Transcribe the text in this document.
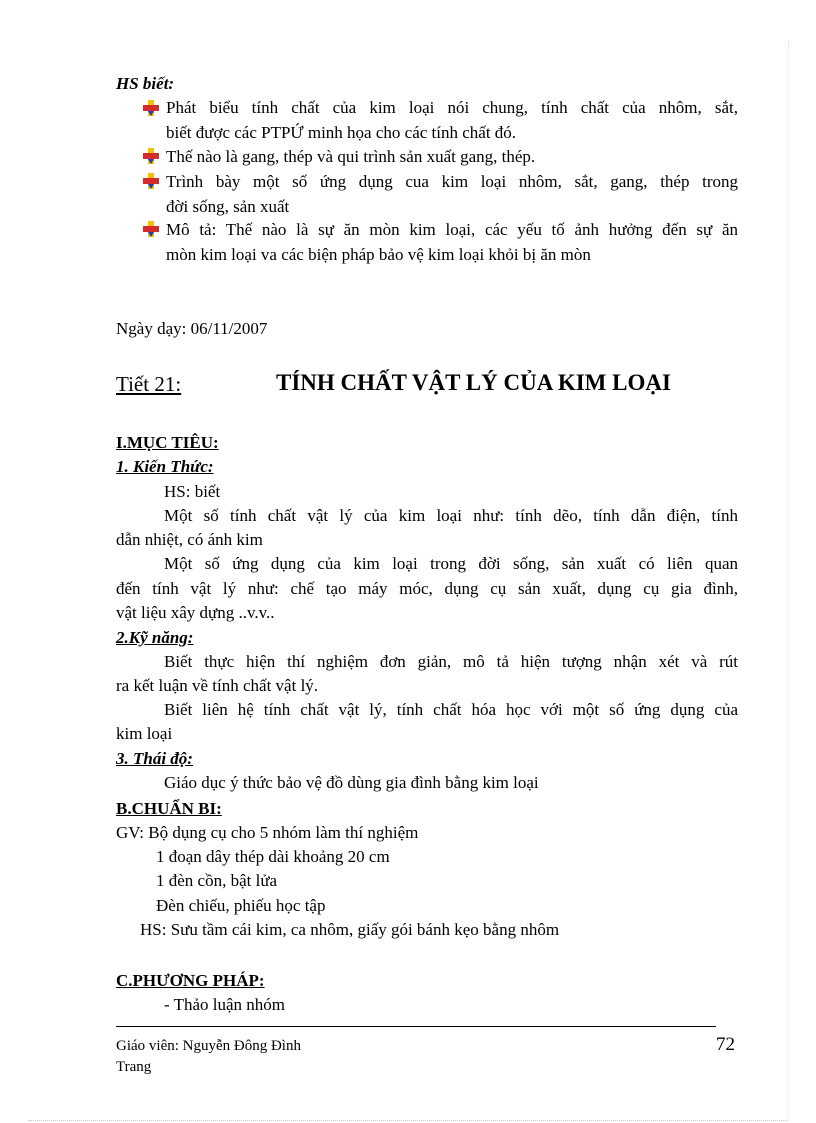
HS biết:
Phát biểu tính chất của kim loại nói chung, tính chất của nhôm, sắt,
biết được các PTPỨ minh họa cho các tính chất đó.
Thế nào là gang, thép và qui trình sản xuất gang, thép.
Trình bày một số ứng dụng cua kim loại nhôm, sắt, gang, thép trong
đời sống, sản xuất
Mô tả: Thế nào là sự ăn mòn kim loại, các yếu tố ảnh hưởng đến sự ăn
mòn kim loại va các biện pháp bảo vệ kim loại khỏi bị ăn mòn
Ngày dạy: 06/11/2007
Tiết 21:	TÍNH CHẤT VẬT LÝ CỦA KIM LOẠI
I.MỤC TIÊU:
1. Kiến Thức:
HS: biết
Một số tính chất vật lý của kim loại như: tính dẽo, tính dẫn điện, tính
dẫn nhiệt, có ánh kim
Một số ứng dụng của kim loại trong đời sống, sản xuất có liên quan
đến tính vật lý như: chế tạo máy móc, dụng cụ sản xuất, dụng cụ gia đình,
vật liệu xây dựng ..v.v..
2.Kỹ năng:
Biết thực hiện thí nghiệm đơn giản, mô tả hiện tượng nhận xét và rút
ra kết luận về tính chất vật lý.
Biết liên hệ tính chất vật lý, tính chất hóa học với một số ứng dụng của
kim loại
3. Thái độ:
Giáo dục ý thức bảo vệ đồ dùng gia đình bằng kim loại
B.CHUẨN BI:
GV: Bộ dụng cụ cho 5 nhóm làm thí nghiệm
1 đoạn dây thép dài khoảng 20 cm
1 đèn cồn, bật lửa
Đèn chiếu, phiếu học tập
HS: Sưu tầm cái kim, ca nhôm, giấy gói bánh kẹo bằng nhôm
C.PHƯƠNG PHÁP:
- Thảo luận nhóm
Giáo viên: Nguyễn Đông Đình
Trang
72
